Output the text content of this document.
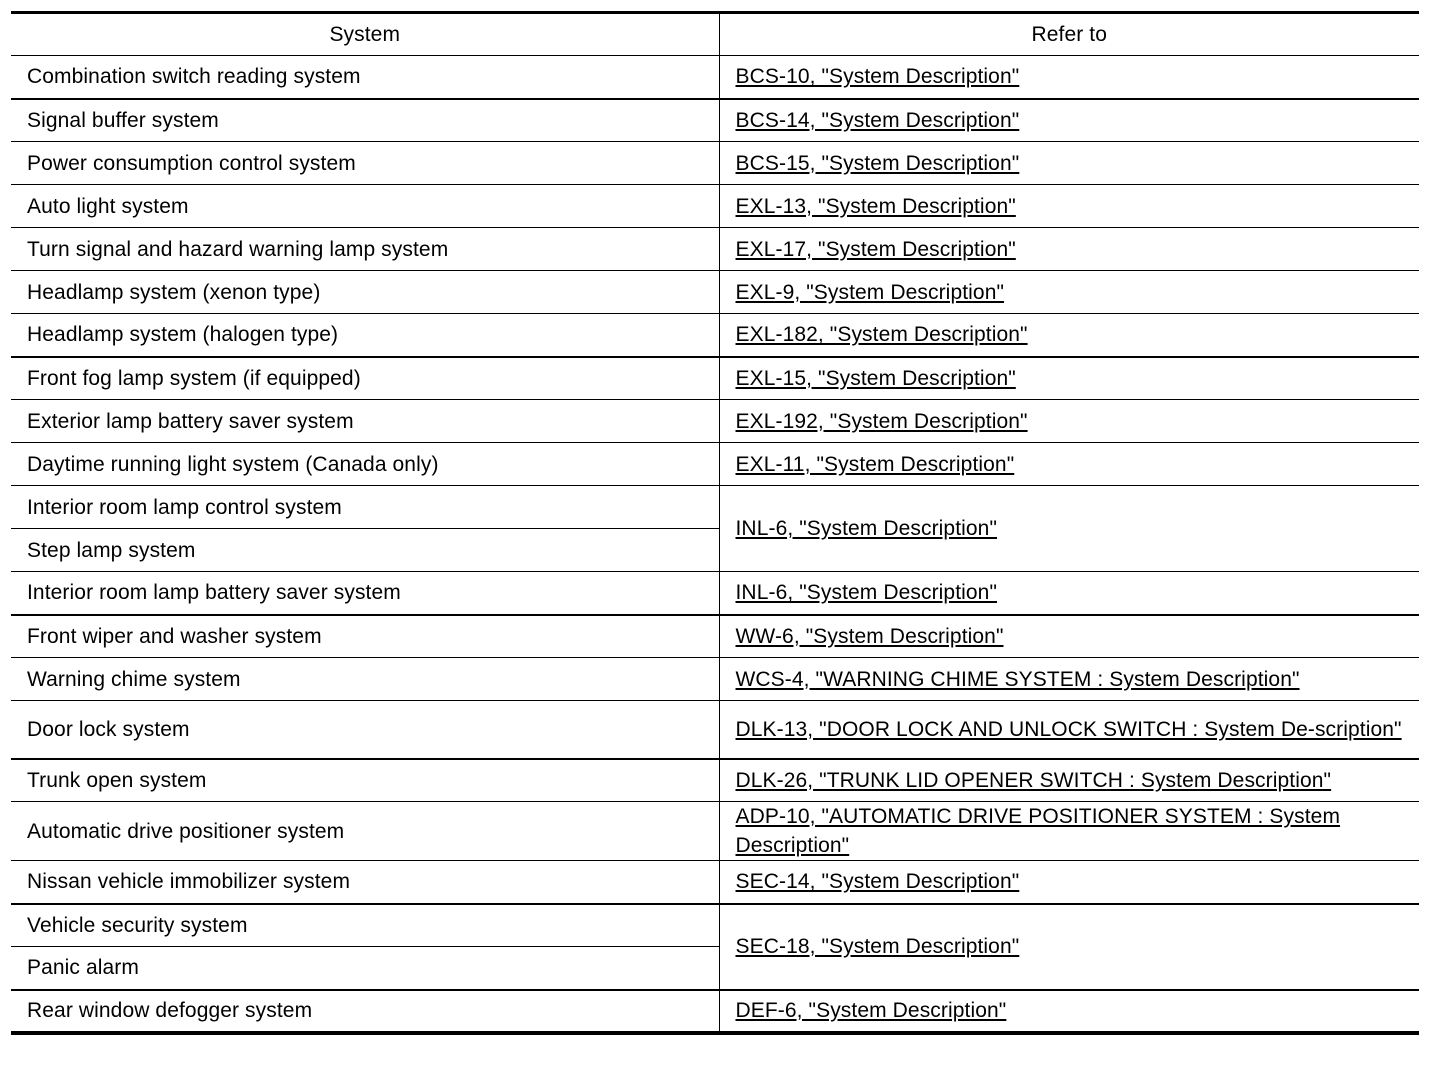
System	Refer to
Combination switch reading system	BCS-10, "System Description"
Signal buffer system	BCS-14, "System Description"
Power consumption control system	BCS-15, "System Description"
Auto light system	EXL-13, "System Description"
Turn signal and hazard warning lamp system	EXL-17, "System Description"
Headlamp system (xenon type)	EXL-9, "System Description"
Headlamp system (halogen type)	EXL-182, "System Description"
Front fog lamp system (if equipped)	EXL-15, "System Description"
Exterior lamp battery saver system	EXL-192, "System Description"
Daytime running light system (Canada only)	EXL-11, "System Description"
Interior room lamp control system	INL-6, "System Description"
Step lamp system	
Interior room lamp battery saver system	INL-6, "System Description"
Front wiper and washer system	WW-6, "System Description"
Warning chime system	WCS-4, "WARNING CHIME SYSTEM : System Description"
Door lock system	DLK-13, "DOOR LOCK AND UNLOCK SWITCH : System De-scription"
Trunk open system	DLK-26, "TRUNK LID OPENER SWITCH : System Description"
Automatic drive positioner system	ADP-10, "AUTOMATIC DRIVE POSITIONER SYSTEM : System Description"
Nissan vehicle immobilizer system	SEC-14, "System Description"
Vehicle security system	SEC-18, "System Description"
Panic alarm	
Rear window defogger system	DEF-6, "System Description"
